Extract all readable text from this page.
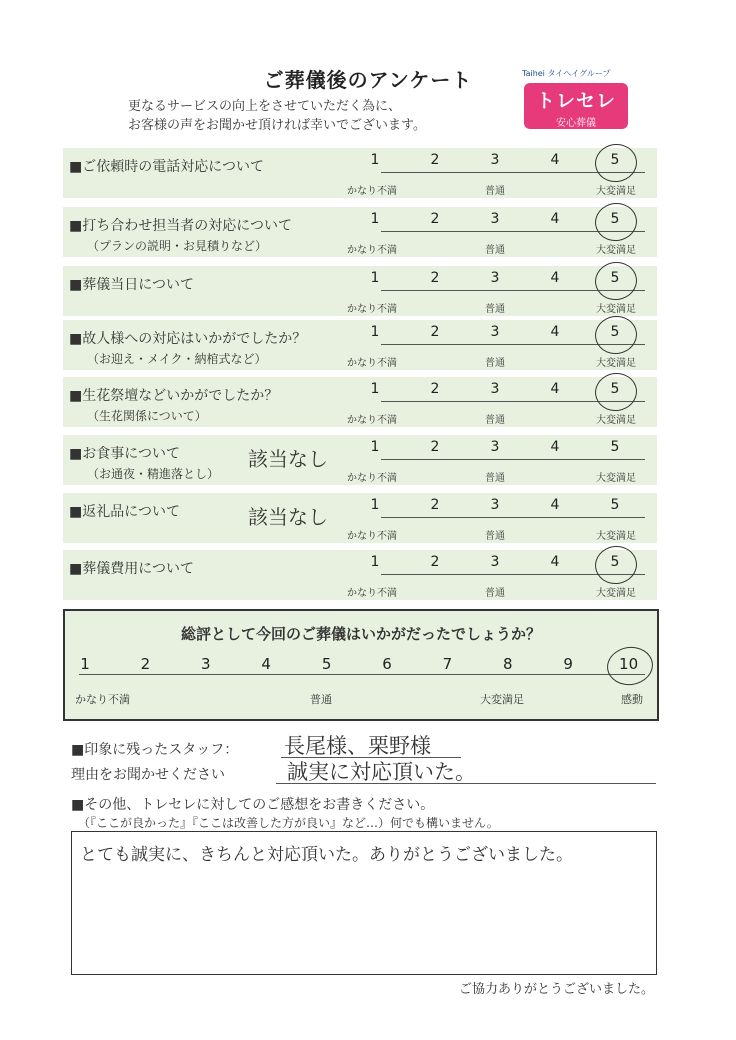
ご葬儀後のアンケート
更なるサービスの向上をさせていただく為に、
お客様の声をお聞かせ頂ければ幸いでございます。
Taihei タイヘイグループ
トレセレ
安心葬儀
■ご依頼時の電話対応について	1	2	3	4	5
かなり不満	普通	大変満足
■打ち合わせ担当者の対応について
（プランの説明・お見積りなど）
1	2	3	4	5
かなり不満	普通	大変満足
■葬儀当日について	1	2	3	4	5
かなり不満	普通	大変満足
■故人様への対応はいかがでしたか？
（お迎え・メイク・納棺式など）
1	2	3	4	5
かなり不満	普通	大変満足
■生花祭壇などいかがでしたか？
（生花関係について）
1	2	3	4	5
かなり不満	普通	大変満足
■お食事について
（お通夜・精進落とし）
該当なし	1	2	3	4	5
かなり不満	普通	大変満足
■返礼品について	該当なし	1	2	3	4	5
かなり不満	普通	大変満足
■葬儀費用について	1	2	3	4	5
かなり不満	普通	大変満足
総評として今回のご葬儀はいかがだったでしょうか？
1	2	3	4	5	6	7	8	9	10
かなり不満	普通	大変満足	感動
■印象に残ったスタッフ： 長尾様、栗野様
理由をお聞かせください	誠実に対応頂いた。
■その他、トレセレに対してのご感想をお書きください。
（『ここが良かった』『ここは改善した方が良い』など…）何でも構いません。
とても誠実に、きちんと対応頂いた。ありがとうございました。
ご協力ありがとうございました。
